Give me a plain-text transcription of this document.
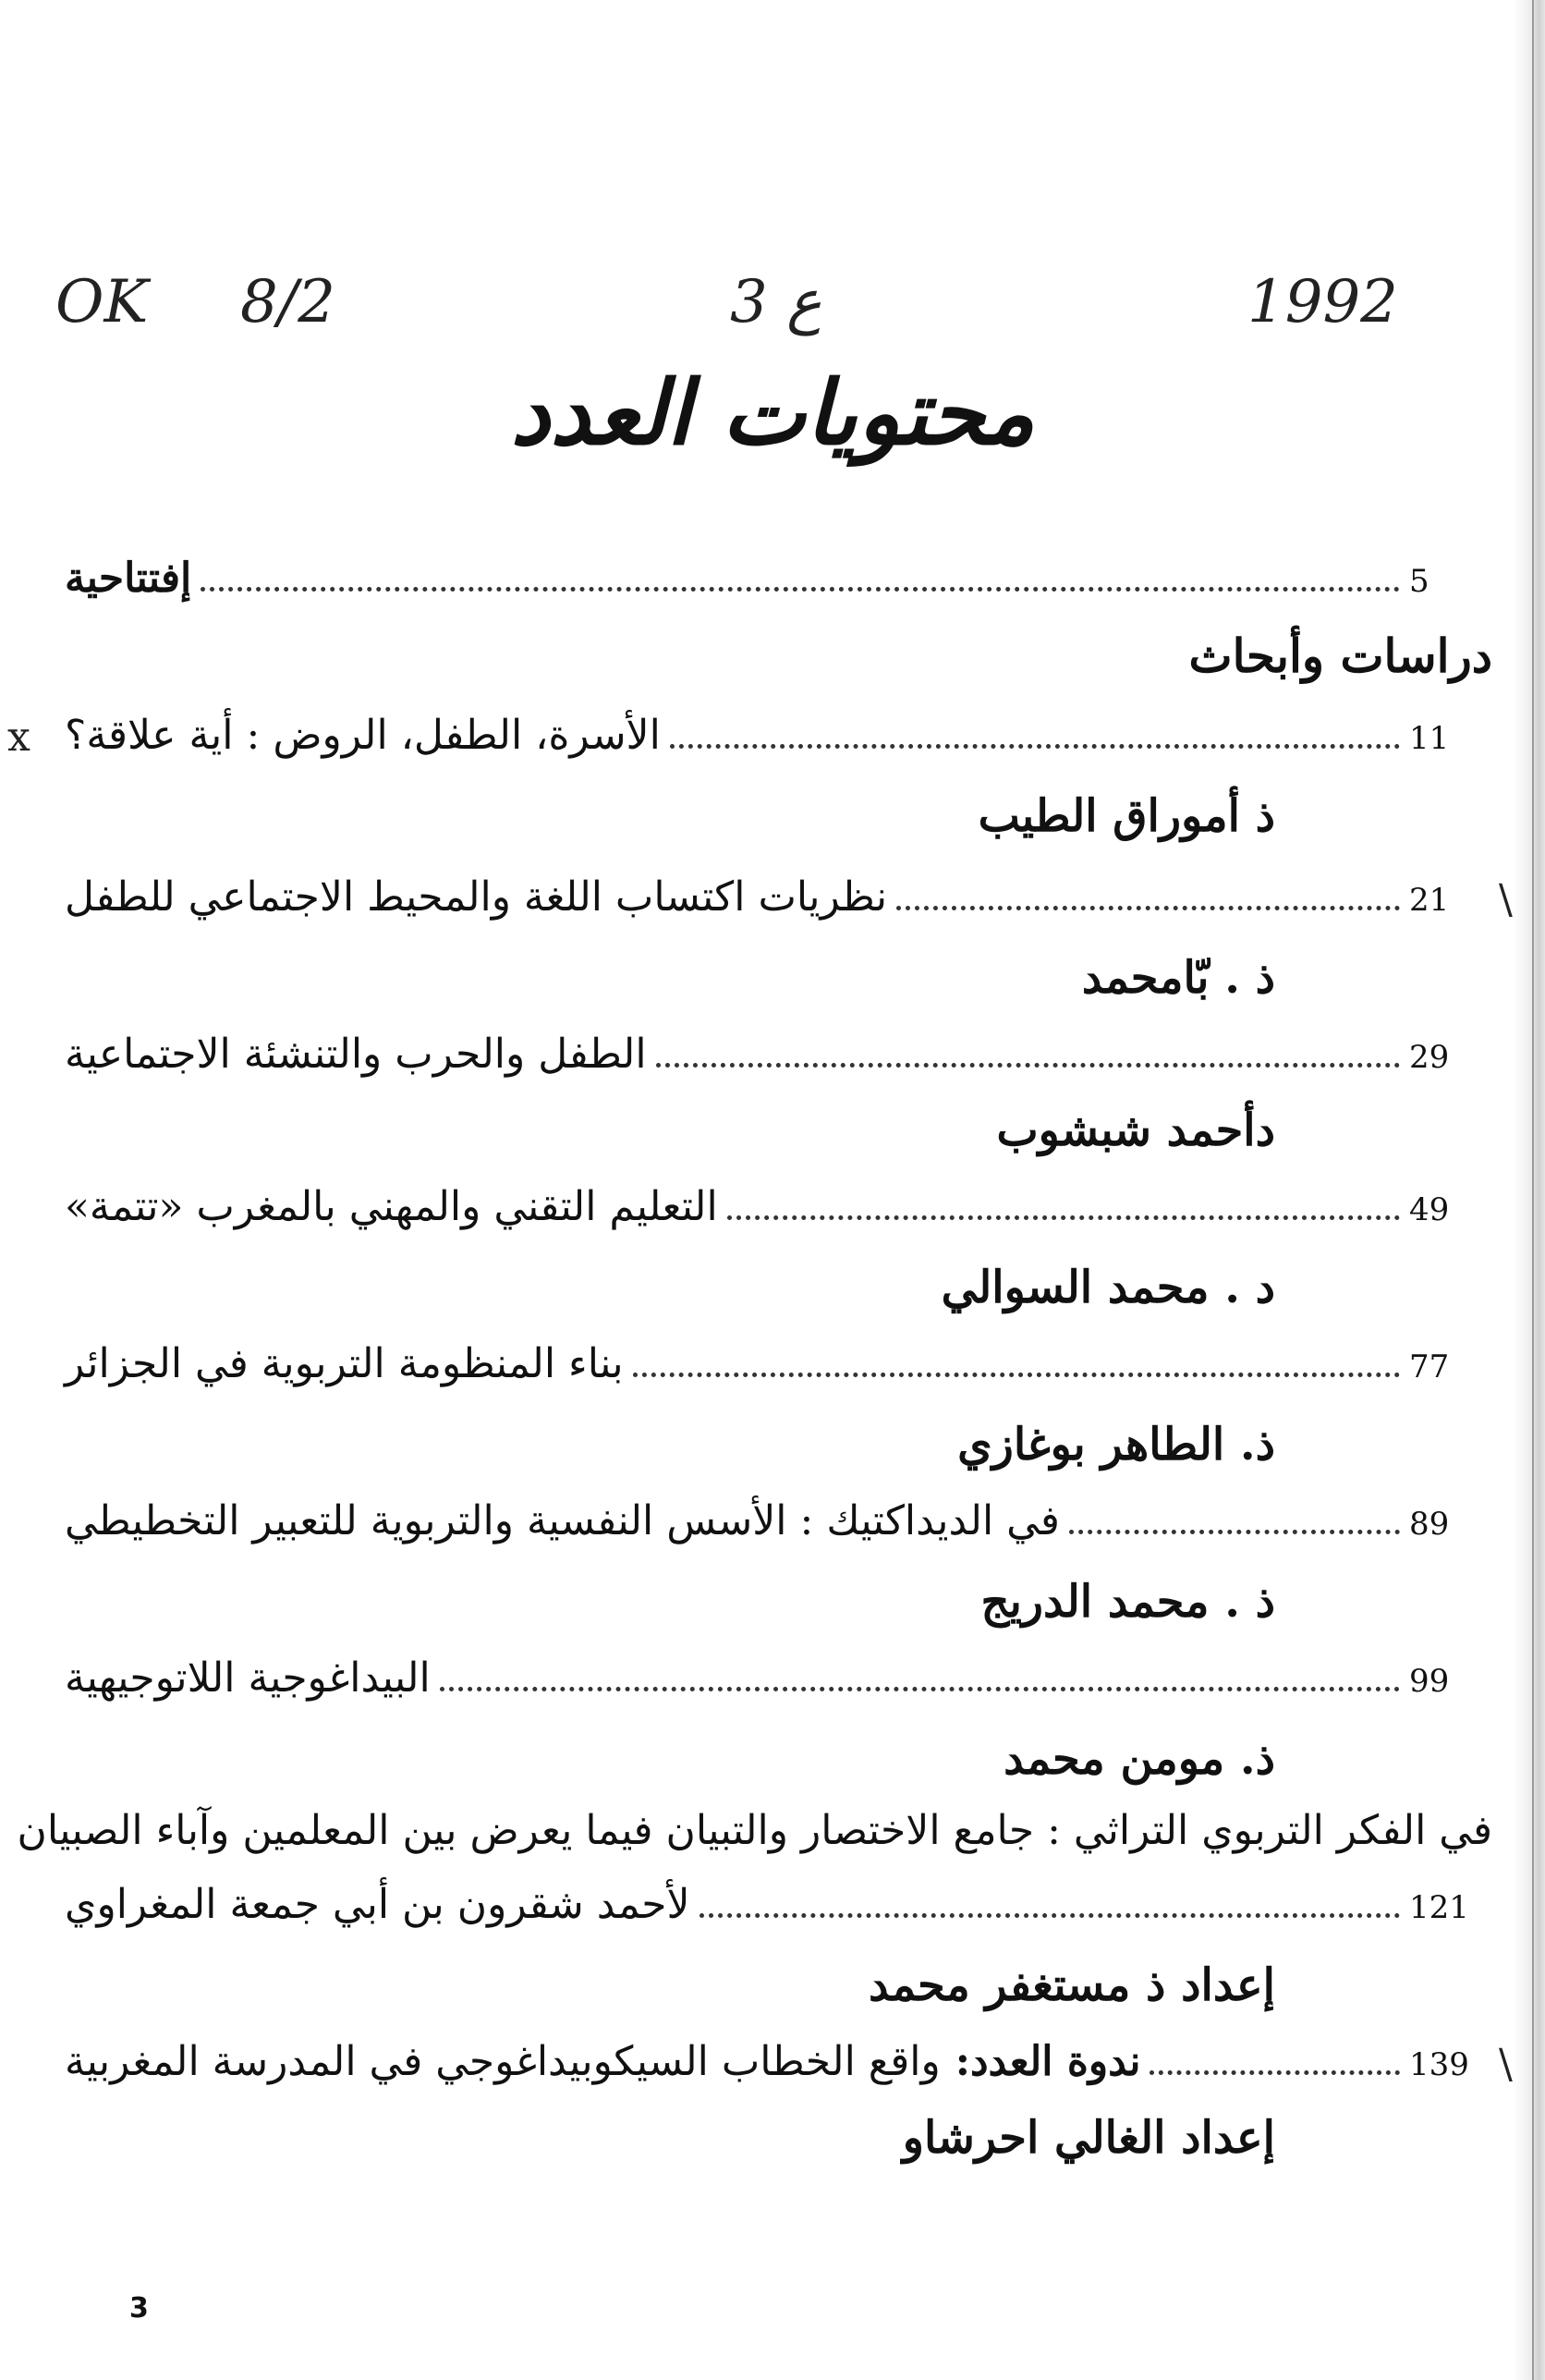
OK 8/2	ع 3	1992
محتويات العدد
إفتتاحية	5
دراسات وأبحاث
x الأسرة، الطفل، الروض : أية علاقة؟	11
ذ أموراق الطيب
\
نظريات اكتساب اللغة والمحيط الاجتماعي للطفل	21
ذ . بّامحمد
الطفل والحرب والتنشئة الاجتماعية	29
دأحمد شبشوب
التعليم التقني والمهني بالمغرب «تتمة»	49
د . محمد السوالي
بناء المنظومة التربوية في الجزائر	77
ذ. الطاهر بوغازي
في الديداكتيك : الأسس النفسية والتربوية للتعبير التخطيطي	89
ذ . محمد الدريج
البيداغوجية اللاتوجيهية	99
ذ. مومن محمد
في الفكر التربوي التراثي : جامع الاختصار والتبيان فيما يعرض بين المعلمين وآباء الصبيان
لأحمد شقرون بن أبي جمعة المغراوي	121
إعداد ذ مستغفر محمد
\
ندوة العدد:واقع الخطاب السيكوبيداغوجي في المدرسة المغربية	139
إعداد الغالي احرشاو
3
